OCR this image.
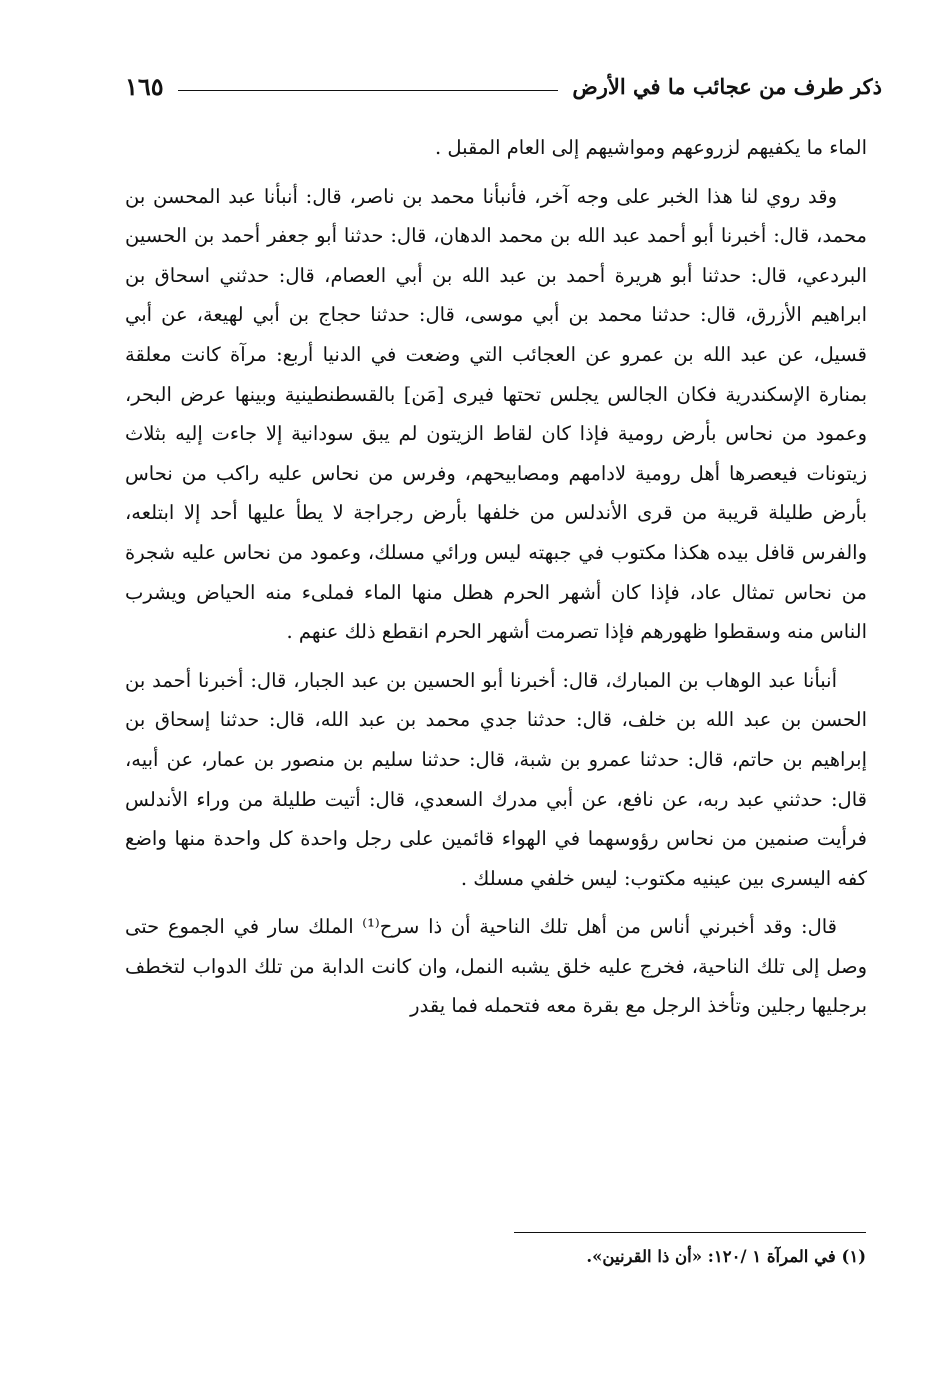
ذكر طرف من عجائب ما في الأرض
١٦٥

الماء ما يكفيهم لزروعهم ومواشيهم إلى العام المقبل .

وقد روي لنا هذا الخبر على وجه آخر، فأنبأنا محمد بن ناصر، قال: أنبأنا عبد المحسن بن محمد، قال: أخبرنا أبو أحمد عبد الله بن محمد الدهان، قال: حدثنا أبو جعفر أحمد بن الحسين البردعي، قال: حدثنا أبو هريرة أحمد بن عبد الله بن أبي العصام، قال: حدثني اسحاق بن ابراهيم الأزرق، قال: حدثنا محمد بن أبي موسى، قال: حدثنا حجاج بن أبي لهيعة، عن أبي قسيل، عن عبد الله بن عمرو عن العجائب التي وضعت في الدنيا أربع: مرآة كانت معلقة بمنارة الإسكندرية فكان الجالس يجلس تحتها فيرى [مَن] بالقسطنطينية وبينها عرض البحر، وعمود من نحاس بأرض رومية فإذا كان لقاط الزيتون لم يبق سودانية إلا جاءت إليه بثلاث زيتونات فيعصرها أهل رومية لادامهم ومصابيحهم، وفرس من نحاس عليه راكب من نحاس بأرض طليلة قريبة من قرى الأندلس من خلفها بأرض رجراجة لا يطأ عليها أحد إلا ابتلعه، والفرس قافل بيده هكذا مكتوب في جبهته ليس ورائي مسلك، وعمود من نحاس عليه شجرة من نحاس تمثال عاد، فإذا كان أشهر الحرم هطل منها الماء فملىء منه الحياض ويشرب الناس منه وسقطوا ظهورهم فإذا تصرمت أشهر الحرم انقطع ذلك عنهم .

أنبأنا عبد الوهاب بن المبارك، قال: أخبرنا أبو الحسين بن عبد الجبار، قال: أخبرنا أحمد بن الحسن بن عبد الله بن خلف، قال: حدثنا جدي محمد بن عبد الله، قال: حدثنا إسحاق بن إبراهيم بن حاتم، قال: حدثنا عمرو بن شبة، قال: حدثنا سليم بن منصور بن عمار، عن أبيه، قال: حدثني عبد ربه، عن نافع، عن أبي مدرك السعدي، قال: أتيت طليلة من وراء الأندلس فرأيت صنمين من نحاس رؤوسهما في الهواء قائمين على رجل واحدة كل واحدة منها واضع كفه اليسرى بين عينيه مكتوب: ليس خلفي مسلك .

قال: وقد أخبرني أناس من أهل تلك الناحية أن ذا سرح⁽¹⁾ الملك سار في الجموع حتى وصل إلى تلك الناحية، فخرج عليه خلق يشبه النمل، وان كانت الدابة من تلك الدواب لتخطف برجليها رجلين وتأخذ الرجل مع بقرة معه فتحمله فما يقدر

(١) في المرآة ١ /١٢٠: «أن ذا القرنين».
